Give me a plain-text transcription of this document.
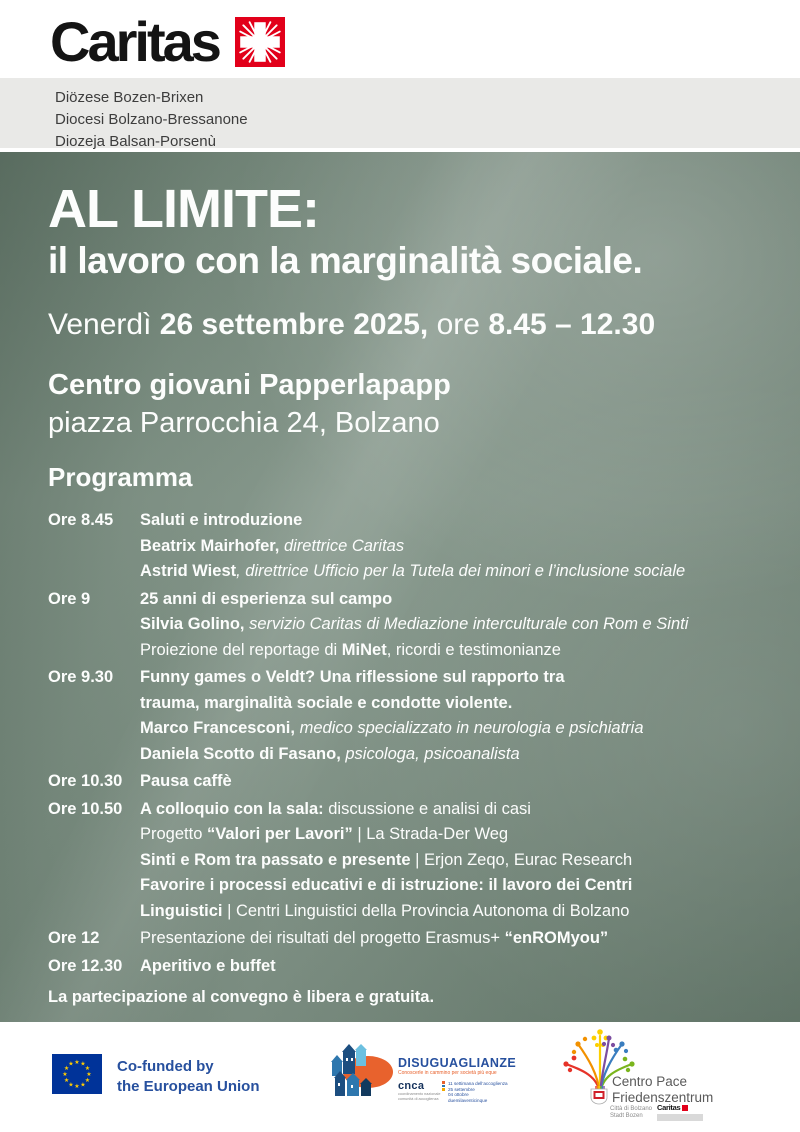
Caritas
Diözese Bozen-Brixen
Diocesi Bolzano-Bressanone
Diozeja Balsan-Porsenù
AL LIMITE:
il lavoro con la marginalità sociale.
Venerdì 26 settembre 2025, ore 8.45 – 12.30
Centro giovani Papperlapapp
piazza Parrocchia 24, Bolzano
Programma
Ore 8.45	Saluti e introduzione
Beatrix Mairhofer, direttrice Caritas
Astrid Wiest, direttrice Ufficio per la Tutela dei minori e l’inclusione sociale
Ore 9	25 anni di esperienza sul campo
Silvia Golino, servizio Caritas di Mediazione interculturale con Rom e Sinti
Proiezione del reportage di MiNet, ricordi e testimonianze
Ore 9.30	Funny games o Veldt? Una riflessione sul rapporto tra
trauma, marginalità sociale e condotte violente.
Marco Francesconi, medico specializzato in neurologia e psichiatria
Daniela Scotto di Fasano, psicologa, psicoanalista
Ore 10.30	Pausa caffè
Ore 10.50	A colloquio con la sala: discussione e analisi di casi
Progetto “Valori per Lavori” | La Strada-Der Weg
Sinti e Rom tra passato e presente | Erjon Zeqo, Eurac Research
Favorire i processi educativi e di istruzione: il lavoro dei Centri
Linguistici | Centri Linguistici della Provincia Autonoma di Bolzano
Ore 12	Presentazione dei risultati del progetto Erasmus+ “enROMyou”
Ore 12.30	Aperitivo e buffet
La partecipazione al convegno è libera e gratuita.
★ ★
★
★
★
★
★
★
★
★
★
★	Co-funded by
the European Union
DISUGUAGLIANZE
Conoscerle in cammino per società più eque
cnca
coordinamento nazionale
comunità di accoglienza
11 settimana dell’accoglienza
25 settembre
04 ottobre
duemilaventicinque
Centro Pace
Friedenszentrum
Città di Bolzano
Stadt Bozen
Caritas
